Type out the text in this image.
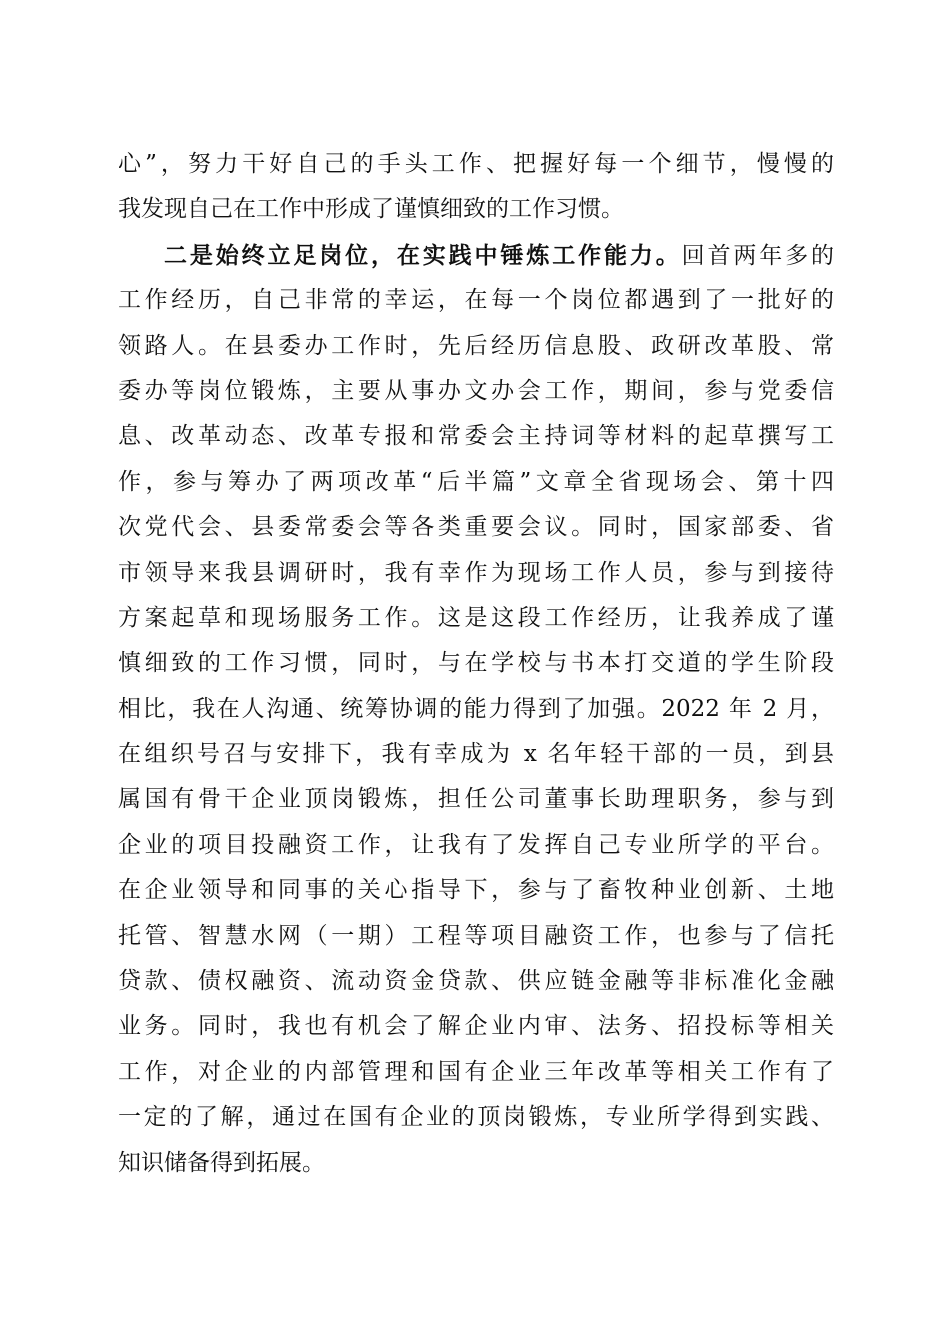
心”，努力干好自己的手头工作、把握好每一个细节，慢慢的
我发现自己在工作中形成了谨慎细致的工作习惯。
二是始终立足岗位，在实践中锤炼工作能力。回首两年多的
工作经历，自己非常的幸运，在每一个岗位都遇到了一批好的
领路人。在县委办工作时，先后经历信息股、政研改革股、常
委办等岗位锻炼，主要从事办文办会工作，期间，参与党委信
息、改革动态、改革专报和常委会主持词等材料的起草撰写工
作，参与筹办了两项改革“后半篇”文章全省现场会、第十四
次党代会、县委常委会等各类重要会议。同时，国家部委、省
市领导来我县调研时，我有幸作为现场工作人员，参与到接待
方案起草和现场服务工作。这是这段工作经历，让我养成了谨
慎细致的工作习惯，同时，与在学校与书本打交道的学生阶段
相比，我在人沟通、统筹协调的能力得到了加强。2022 年 2 月，
在组织号召与安排下，我有幸成为 x 名年轻干部的一员，到县
属国有骨干企业顶岗锻炼，担任公司董事长助理职务，参与到
企业的项目投融资工作，让我有了发挥自己专业所学的平台。
在企业领导和同事的关心指导下，参与了畜牧种业创新、土地
托管、智慧水网（一期）工程等项目融资工作，也参与了信托
贷款、债权融资、流动资金贷款、供应链金融等非标准化金融
业务。同时，我也有机会了解企业内审、法务、招投标等相关
工作，对企业的内部管理和国有企业三年改革等相关工作有了
一定的了解，通过在国有企业的顶岗锻炼，专业所学得到实践、
知识储备得到拓展。
